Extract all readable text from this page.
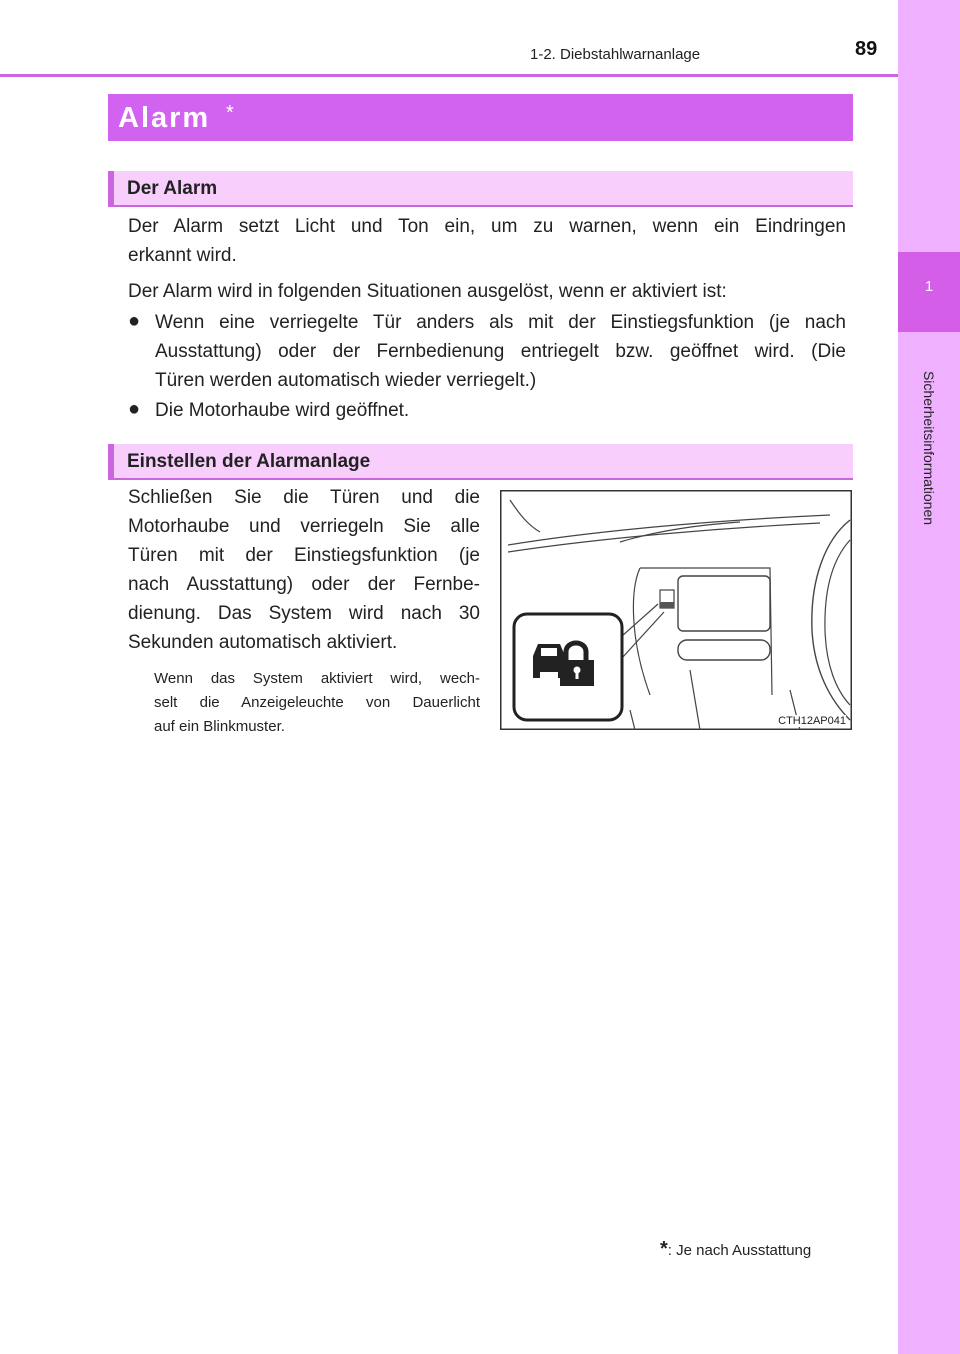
1
Sicherheitsinformationen
1-2. Diebstahlwarnanlage	89
Alarm *
Der Alarm
Der Alarm setzt Licht und Ton ein, um zu warnen, wenn ein Eindringen
erkannt wird.
Der Alarm wird in folgenden Situationen ausgelöst, wenn er aktiviert ist:
● Wenn eine verriegelte Tür anders als mit der Einstiegsfunktion (je nach
Ausstattung) oder der Fernbedienung entriegelt bzw. geöffnet wird. (Die
Türen werden automatisch wieder verriegelt.)
● Die Motorhaube wird geöffnet.
Einstellen der Alarmanlage
Schließen Sie die Türen und die
Motorhaube und verriegeln Sie alle
Türen mit der Einstiegsfunktion (je
nach Ausstattung) oder der Fernbe-
dienung. Das System wird nach 30
Sekunden automatisch aktiviert.
Wenn das System aktiviert wird, wech-
selt die Anzeigeleuchte von Dauerlicht
auf ein Blinkmuster.	CTH12AP041
*: Je nach Ausstattung
